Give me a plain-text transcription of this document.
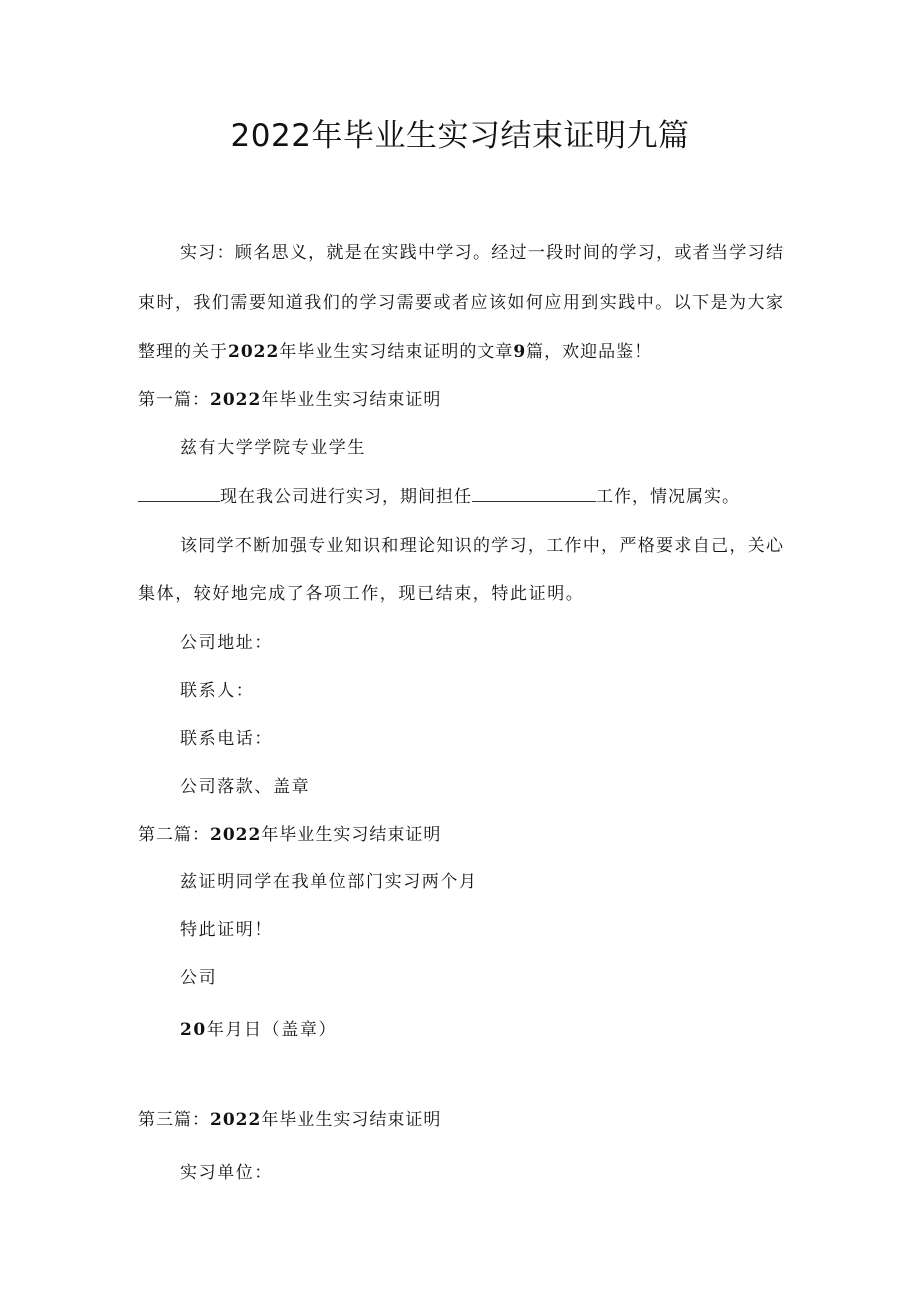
2022年毕业生实习结束证明九篇
实习：顾名思义，就是在实践中学习。经过一段时间的学习，或者当学习结
束时，我们需要知道我们的学习需要或者应该如何应用到实践中。以下是为大家
整理的关于2022年毕业生实习结束证明的文章9篇，欢迎品鉴！
第一篇：2022年毕业生实习结束证明
兹有大学学院专业学生
现在我公司进行实习，期间担任	工作，情况属实。
该同学不断加强专业知识和理论知识的学习，工作中，严格要求自己，关心
集体，较好地完成了各项工作，现已结束，特此证明。
公司地址：
联系人：
联系电话：
公司落款、盖章
第二篇：2022年毕业生实习结束证明
兹证明同学在我单位部门实习两个月
特此证明！
公司
20年月日（盖章）
第三篇：2022年毕业生实习结束证明
实习单位：
